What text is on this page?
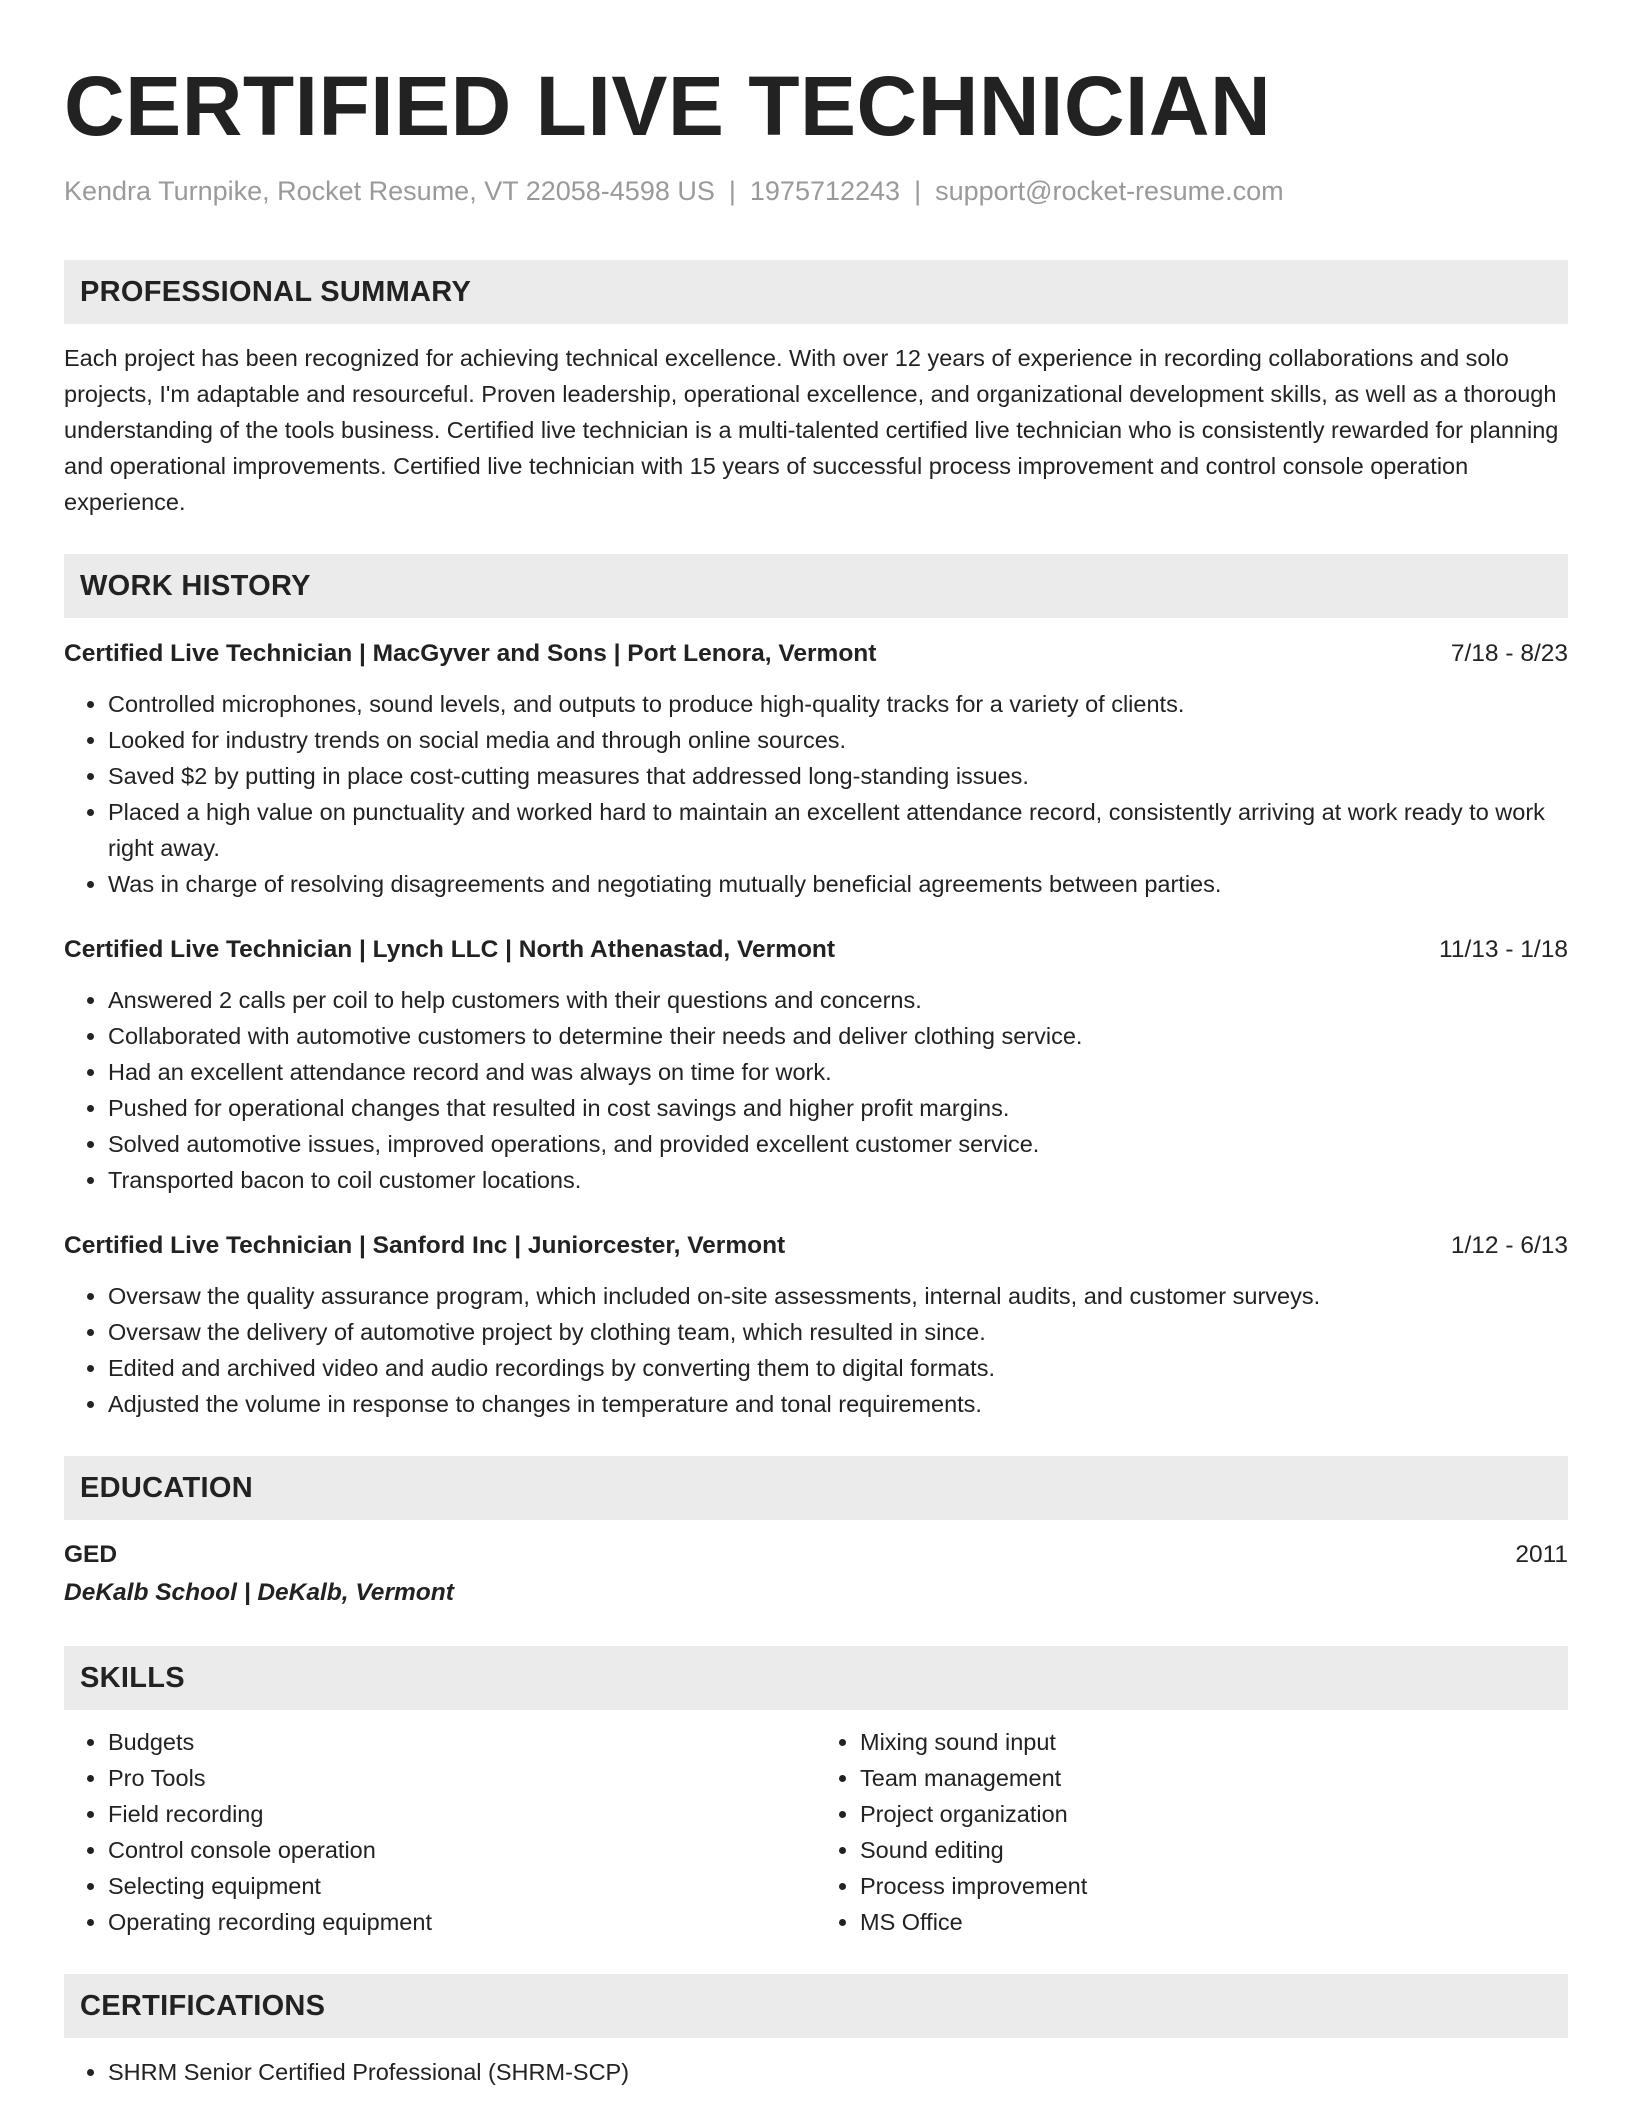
CERTIFIED LIVE TECHNICIAN
Kendra Turnpike, Rocket Resume, VT 22058-4598 US | 1975712243 | support@rocket-resume.com
PROFESSIONAL SUMMARY
Each project has been recognized for achieving technical excellence. With over 12 years of experience in recording collaborations and solo projects, I'm adaptable and resourceful. Proven leadership, operational excellence, and organizational development skills, as well as a thorough understanding of the tools business. Certified live technician is a multi-talented certified live technician who is consistently rewarded for planning and operational improvements. Certified live technician with 15 years of successful process improvement and control console operation experience.
WORK HISTORY
Certified Live Technician | MacGyver and Sons | Port Lenora, Vermont	7/18 - 8/23
• Controlled microphones, sound levels, and outputs to produce high-quality tracks for a variety of clients.
• Looked for industry trends on social media and through online sources.
• Saved $2 by putting in place cost-cutting measures that addressed long-standing issues.
• Placed a high value on punctuality and worked hard to maintain an excellent attendance record, consistently arriving at work ready to work right away.
• Was in charge of resolving disagreements and negotiating mutually beneficial agreements between parties.
Certified Live Technician | Lynch LLC | North Athenastad, Vermont	11/13 - 1/18
• Answered 2 calls per coil to help customers with their questions and concerns.
• Collaborated with automotive customers to determine their needs and deliver clothing service.
• Had an excellent attendance record and was always on time for work.
• Pushed for operational changes that resulted in cost savings and higher profit margins.
• Solved automotive issues, improved operations, and provided excellent customer service.
• Transported bacon to coil customer locations.
Certified Live Technician | Sanford Inc | Juniorcester, Vermont	1/12 - 6/13
• Oversaw the quality assurance program, which included on-site assessments, internal audits, and customer surveys.
• Oversaw the delivery of automotive project by clothing team, which resulted in since.
• Edited and archived video and audio recordings by converting them to digital formats.
• Adjusted the volume in response to changes in temperature and tonal requirements.
EDUCATION
GED	2011
DeKalb School | DeKalb, Vermont
SKILLS
• Budgets
• Pro Tools
• Field recording
• Control console operation
• Selecting equipment
• Operating recording equipment
• Mixing sound input
• Team management
• Project organization
• Sound editing
• Process improvement
• MS Office
CERTIFICATIONS
• SHRM Senior Certified Professional (SHRM-SCP)
